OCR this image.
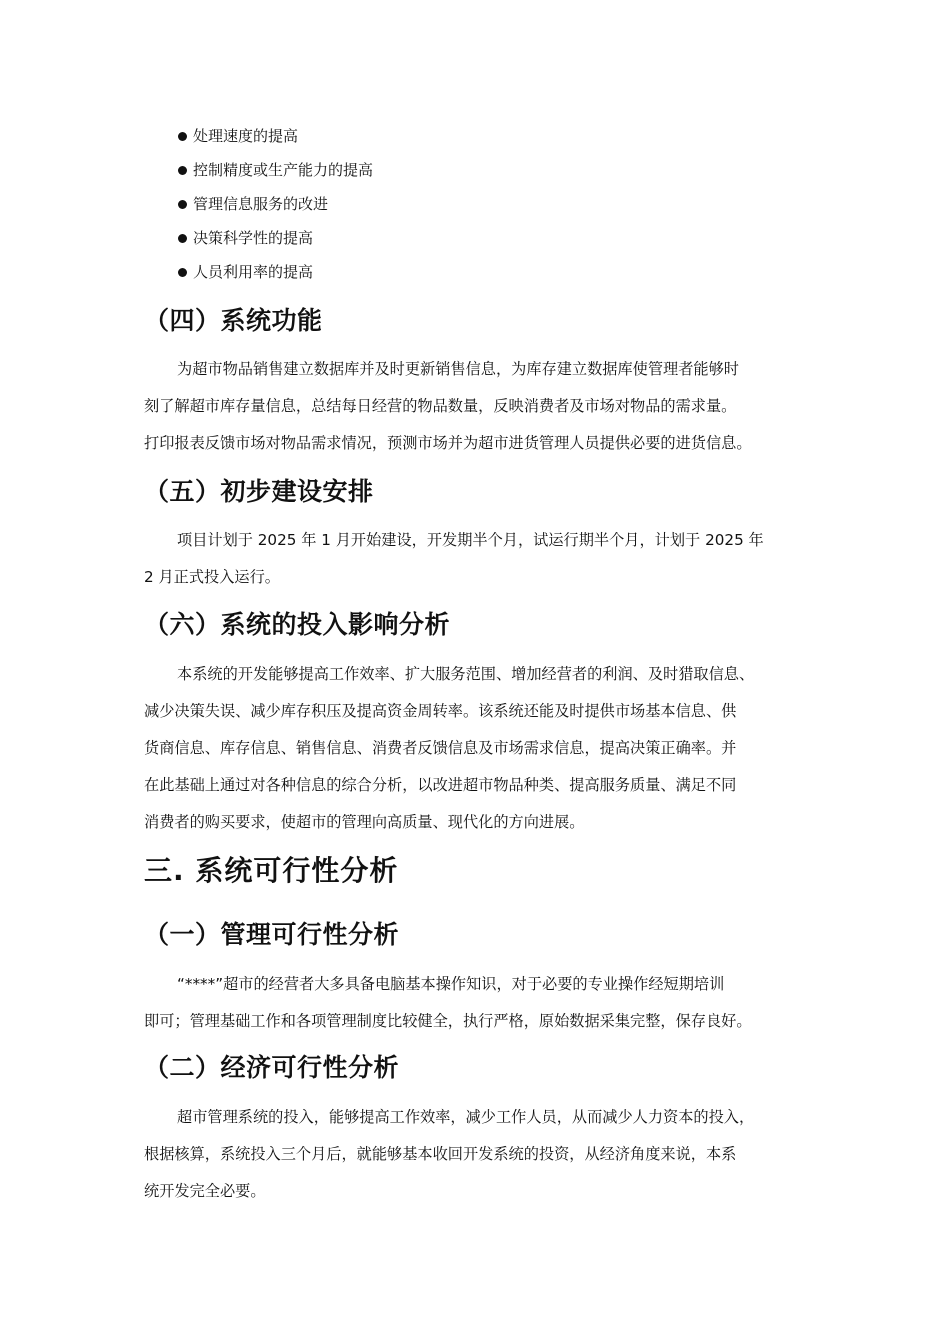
处理速度的提高
控制精度或生产能力的提高
管理信息服务的改进
决策科学性的提高
人员利用率的提高
（四）系统功能
为超市物品销售建立数据库并及时更新销售信息，为库存建立数据库使管理者能够时
刻了解超市库存量信息，总结每日经营的物品数量，反映消费者及市场对物品的需求量。
打印报表反馈市场对物品需求情况，预测市场并为超市进货管理人员提供必要的进货信息。
（五）初步建设安排
项目计划于 2025 年 1 月开始建设，开发期半个月，试运行期半个月，计划于 2025 年
2 月正式投入运行。
（六）系统的投入影响分析
本系统的开发能够提高工作效率、扩大服务范围、增加经营者的利润、及时猎取信息、
减少决策失误、减少库存积压及提高资金周转率。该系统还能及时提供市场基本信息、供
货商信息、库存信息、销售信息、消费者反馈信息及市场需求信息，提高决策正确率。并
在此基础上通过对各种信息的综合分析，以改进超市物品种类、提高服务质量、满足不同
消费者的购买要求，使超市的管理向高质量、现代化的方向进展。
三. 系统可行性分析
（一）管理可行性分析
“****”超市的经营者大多具备电脑基本操作知识，对于必要的专业操作经短期培训
即可；管理基础工作和各项管理制度比较健全，执行严格，原始数据采集完整，保存良好。
（二）经济可行性分析
超市管理系统的投入，能够提高工作效率，减少工作人员，从而减少人力资本的投入，
根据核算，系统投入三个月后，就能够基本收回开发系统的投资，从经济角度来说，本系
统开发完全必要。
